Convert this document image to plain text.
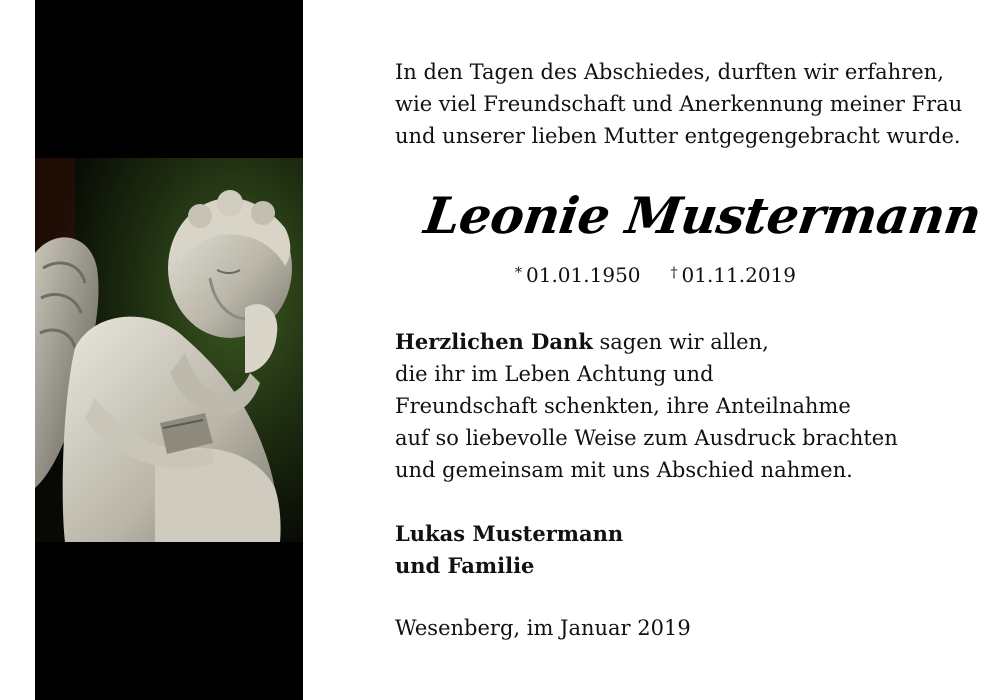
In den Tagen des Abschiedes, durften wir erfahren,
wie viel Freundschaft und Anerkennung meiner Frau
und unserer lieben Mutter entgegengebracht wurde.

Leonie Mustermann
* 01.01.1950 † 01.11.2019

Herzlichen Dank sagen wir allen,
die ihr im Leben Achtung und
Freundschaft schenkten, ihre Anteilnahme
auf so liebevolle Weise zum Ausdruck brachten
und gemeinsam mit uns Abschied nahmen.

Lukas Mustermann
und Familie
Wesenberg, im Januar 2019
